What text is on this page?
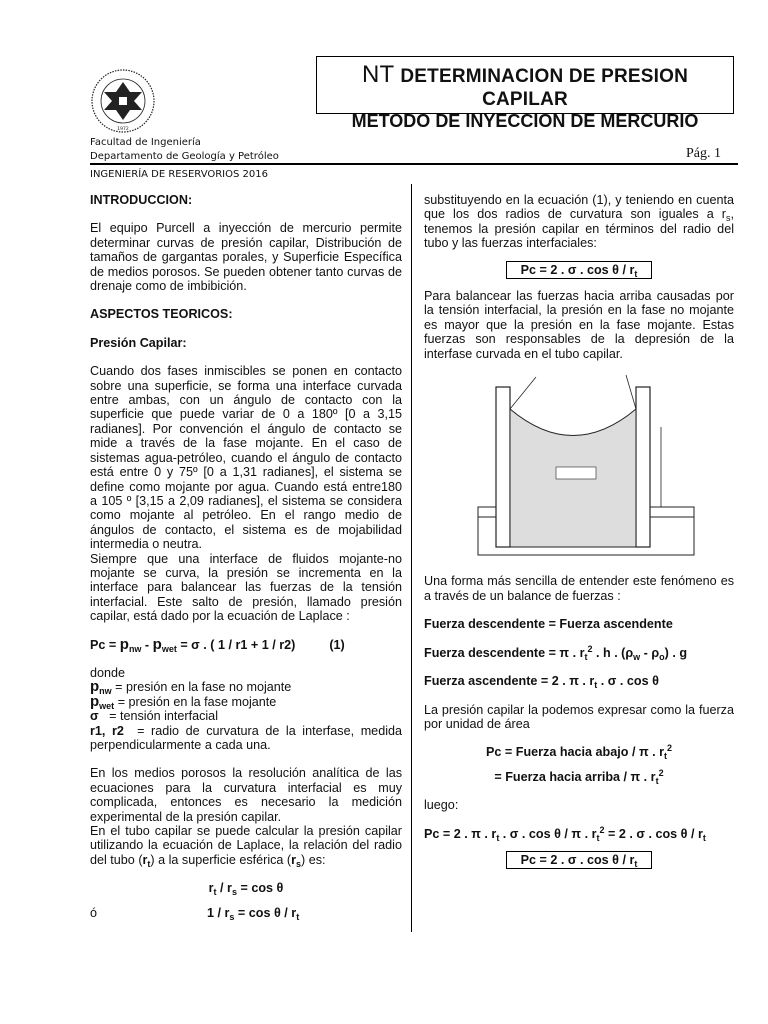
1972
NT DETERMINACION DE PRESION CAPILAR
METODO DE INYECCION DE MERCURIO
Facultad de Ingeniería
Departamento de Geología y Petróleo
INGENIERÍA DE RESERVORIOS 2016
Pág. 1

INTRODUCCION:

El equipo Purcell a inyección de mercurio permite determinar curvas de presión capilar, Distribución de tamaños de gargantas porales, y Superficie Específica de medios porosos. Se pueden obtener tanto curvas de drenaje como de imbibición.

ASPECTOS TEORICOS:

Presión Capilar:

Cuando dos fases inmiscibles se ponen en contacto sobre una superficie, se forma una interface curvada entre ambas, con un ángulo de contacto con la superficie que puede variar de 0 a 180º [0 a 3,15 radianes]. Por convención el ángulo de contacto se mide a través de la fase mojante. En el caso de sistemas agua-petróleo, cuando el ángulo de contacto está entre 0 y 75º [0 a 1,31 radianes], el sistema se define como mojante por agua. Cuando está entre180 a 105 º [3,15 a 2,09 radianes], el sistema se considera como mojante al petróleo. En el rango medio de ángulos de contacto, el sistema es de mojabilidad intermedia o neutra.

Siempre que una interface de fluidos mojante-no mojante se curva, la presión se incrementa en la interface para balancear las fuerzas de la tensión interfacial. Este salto de presión, llamado presión capilar, está dado por la ecuación de Laplace :

$Pc = p_{nw} - p_{wet} = \sigma$ . ( 1 / r1 + 1 / r2)	(1)

donde

$p_{nw}$ = presión en la fase no mojante

$p_{wet}$ = presión en la fase mojante

σ = tensión interfacial

r1, r2 = radio de curvatura de la interfase, medida perpendicularmente a cada una.

En los medios porosos la resolución analítica de las ecuaciones para la curvatura interfacial es muy complicada, entonces es necesario la medición experimental de la presión capilar.

En el tubo capilar se puede calcular la presión capilar utilizando la ecuación de Laplace, la relación del radio del tubo $(r_t)$ a la superficie esférica $(r_s)$ es:

$r_t / r_s = \cos \theta$

ó	$1 / r_s = \cos \theta / r_t$

substituyendo en la ecuación (1), y teniendo en cuenta que los dos radios de curvatura son iguales a $r_s$, tenemos la presión capilar en términos del radio del tubo y las fuerzas interfaciales:

Pc = 2 . σ . cos θ / $r_t$

Para balancear las fuerzas hacia arriba causadas por la tensión interfacial, la presión en la fase no mojante es mayor que la presión en la fase mojante. Estas fuerzas son responsables de la depresión de la interfase curvada en el tubo capilar.

Una forma más sencilla de entender este fenómeno es a través de un balance de fuerzas :

Fuerza descendente = Fuerza ascendente

Fuerza descendente = π . $r_t^2$ . h . $(\rho_w - \rho_o)$ . g

Fuerza ascendente = 2 . π . $r_t$ . σ . cos θ

La presión capilar la podemos expresar como la fuerza por unidad de área

Pc = Fuerza hacia abajo / π . $r_t^2$

= Fuerza hacia arriba / π . $r_t^2$

luego:

Pc = 2 . π . $r_t$ . σ . cos θ / π . $r_t^2 = 2$ . σ . cos θ / $r_t$

Pc = 2 . σ . cos θ / $r_t$
